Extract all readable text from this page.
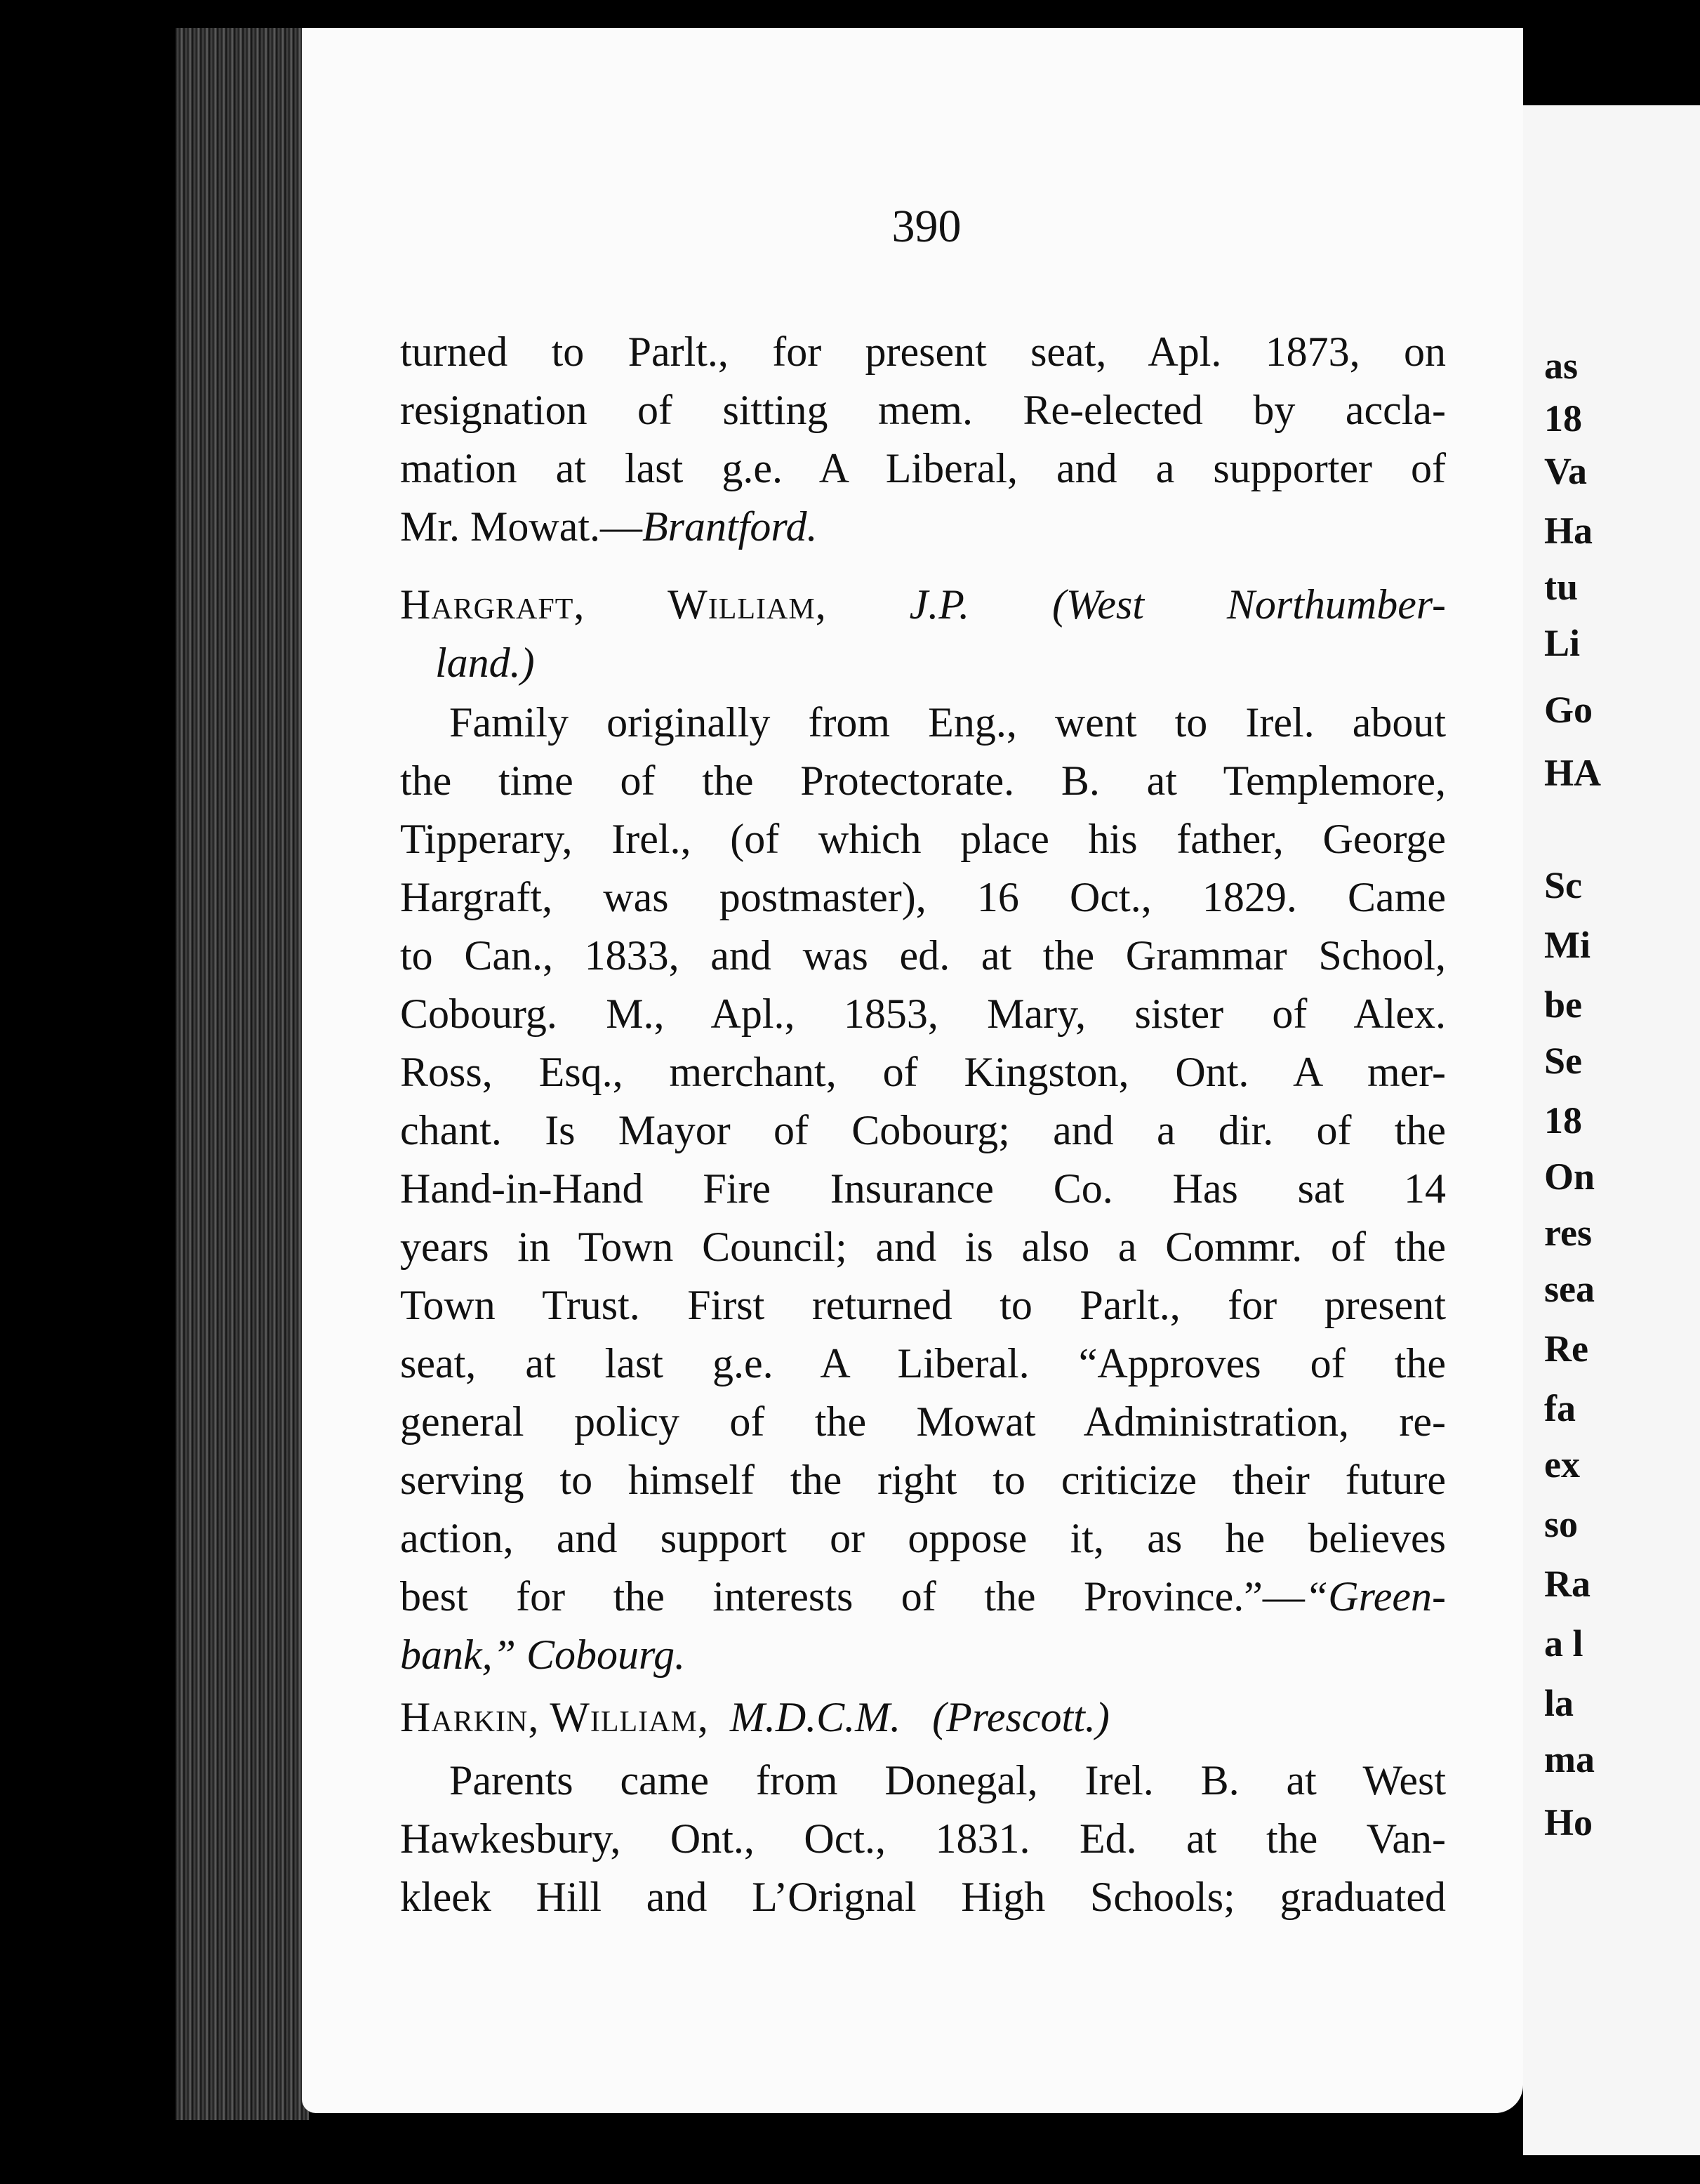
as
18
Va
Ha
tu
Li
Go
HA
Sc
Mi
be
Se
18
On
res
sea
Re
fa
ex
so
Ra
a l
la
ma
Ho
390
turned to Parlt., for present seat, Apl. 1873, on
resignation of sitting mem. Re-elected by accla-
mation at last g.e. A Liberal, and a supporter of
Mr. Mowat.—Brantford.
Hargraft, William, J.P. (West Northumber-
land.)
Family originally from Eng., went to Irel. about
the time of the Protectorate. B. at Templemore,
Tipperary, Irel., (of which place his father, George
Hargraft, was postmaster), 16 Oct., 1829. Came
to Can., 1833, and was ed. at the Grammar School,
Cobourg. M., Apl., 1853, Mary, sister of Alex.
Ross, Esq., merchant, of Kingston, Ont. A mer-
chant. Is Mayor of Cobourg; and a dir. of the
Hand-in-Hand Fire Insurance Co. Has sat 14
years in Town Council; and is also a Commr. of the
Town Trust. First returned to Parlt., for present
seat, at last g.e. A Liberal. “Approves of the
general policy of the Mowat Administration, re-
serving to himself the right to criticize their future
action, and support or oppose it, as he believes
best for the interests of the Province.”—“Green-
bank,” Cobourg.
Harkin, William, M.D.C.M. (Prescott.)
Parents came from Donegal, Irel. B. at West
Hawkesbury, Ont., Oct., 1831. Ed. at the Van-
kleek Hill and L’Orignal High Schools; graduated
